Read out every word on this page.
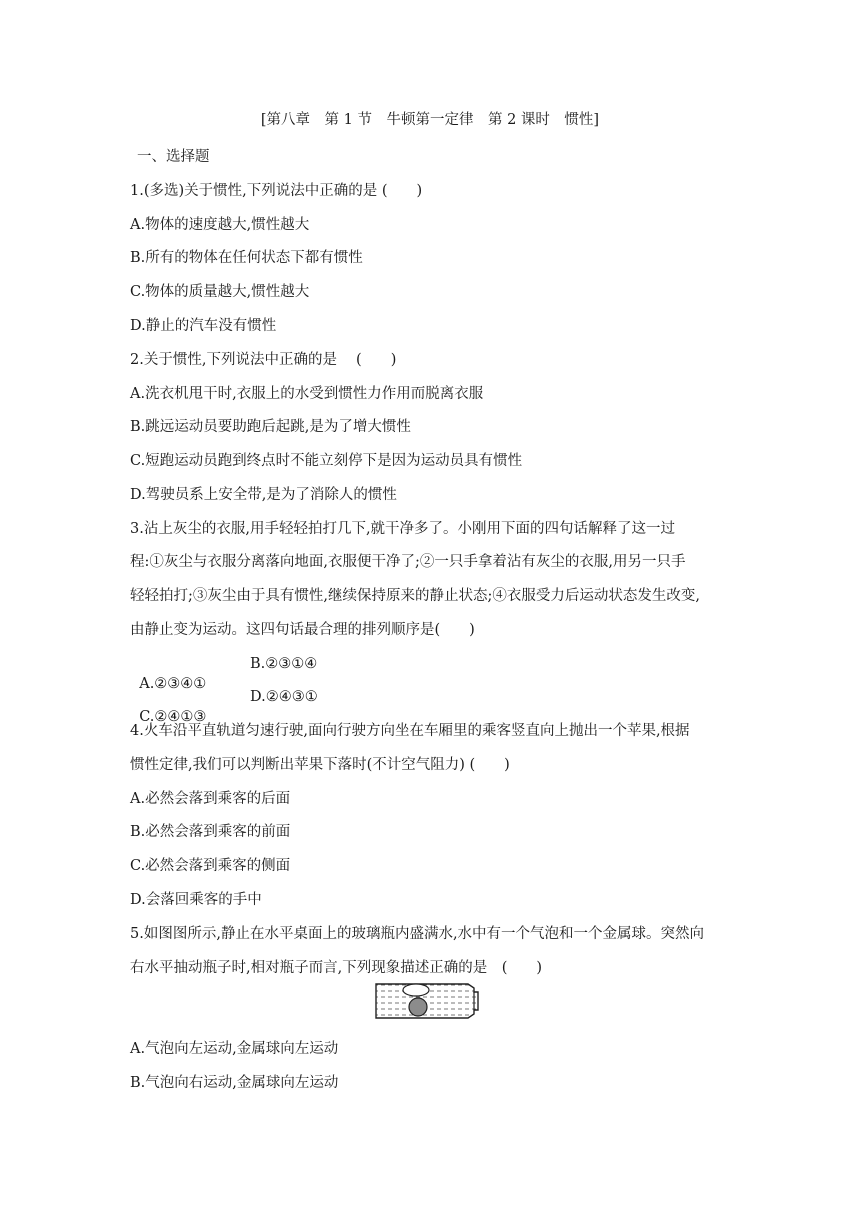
[第八章　第 1 节　牛顿第一定律　第 2 课时　惯性]
一、选择题
1.(多选)关于惯性,下列说法中正确的是 (　　)
A.物体的速度越大,惯性越大
B.所有的物体在任何状态下都有惯性
C.物体的质量越大,惯性越大
D.静止的汽车没有惯性
2.关于惯性,下列说法中正确的是　 (　　)
A.洗衣机甩干时,衣服上的水受到惯性力作用而脱离衣服
B.跳远运动员要助跑后起跳,是为了增大惯性
C.短跑运动员跑到终点时不能立刻停下是因为运动员具有惯性
D.驾驶员系上安全带,是为了消除人的惯性
3.沾上灰尘的衣服,用手轻轻拍打几下,就干净多了。小刚用下面的四句话解释了这一过
程:①灰尘与衣服分离落向地面,衣服便干净了;②一只手拿着沾有灰尘的衣服,用另一只手
轻轻拍打;③灰尘由于具有惯性,继续保持原来的静止状态;④衣服受力后运动状态发生改变,
由静止变为运动。这四句话最合理的排列顺序是(　　)

A.②③④①

B.②③①④

C.②④①③

D.②④③①

4.火车沿平直轨道匀速行驶,面向行驶方向坐在车厢里的乘客竖直向上抛出一个苹果,根据
惯性定律,我们可以判断出苹果下落时(不计空气阻力) (　　)
A.必然会落到乘客的后面
B.必然会落到乘客的前面
C.必然会落到乘客的侧面
D.会落回乘客的手中
5.如图图所示,静止在水平桌面上的玻璃瓶内盛满水,水中有一个气泡和一个金属球。突然向
右水平抽动瓶子时,相对瓶子而言,下列现象描述正确的是　(　　)
A.气泡向左运动,金属球向左运动
B.气泡向右运动,金属球向左运动
